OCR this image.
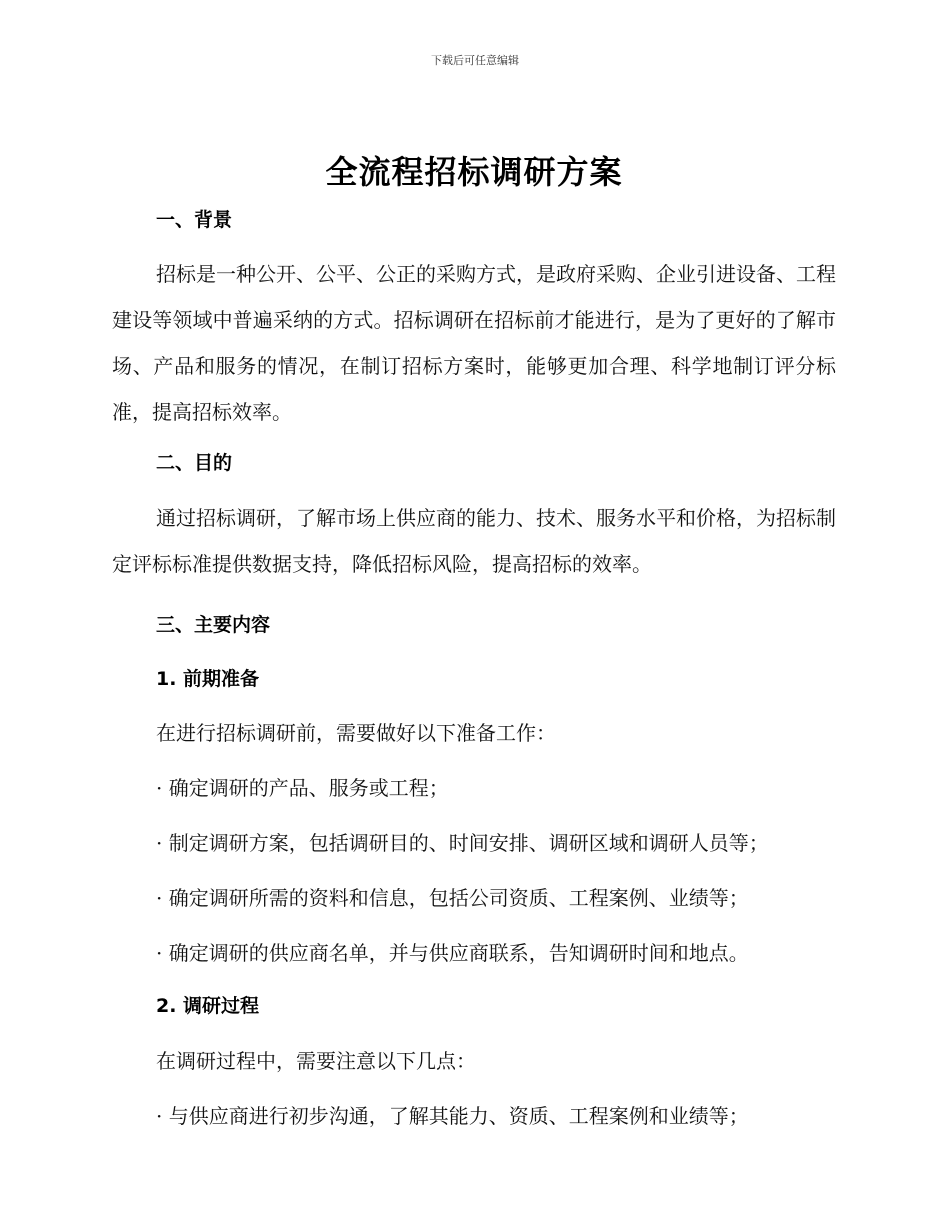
下载后可任意编辑
全流程招标调研方案
一、背景

招标是一种公开、公平、公正的采购方式，是政府采购、企业引进设备、工程建设等领域中普遍采纳的方式。招标调研在招标前才能进行，是为了更好的了解市场、产品和服务的情况，在制订招标方案时，能够更加合理、科学地制订评分标准，提高招标效率。

二、目的

通过招标调研，了解市场上供应商的能力、技术、服务水平和价格，为招标制定评标标准提供数据支持，降低招标风险，提高招标的效率。

三、主要内容
1. 前期准备

在进行招标调研前，需要做好以下准备工作：

· 确定调研的产品、服务或工程；

· 制定调研方案，包括调研目的、时间安排、调研区域和调研人员等；

· 确定调研所需的资料和信息，包括公司资质、工程案例、业绩等；

· 确定调研的供应商名单，并与供应商联系，告知调研时间和地点。

2. 调研过程

在调研过程中，需要注意以下几点：

· 与供应商进行初步沟通，了解其能力、资质、工程案例和业绩等；
